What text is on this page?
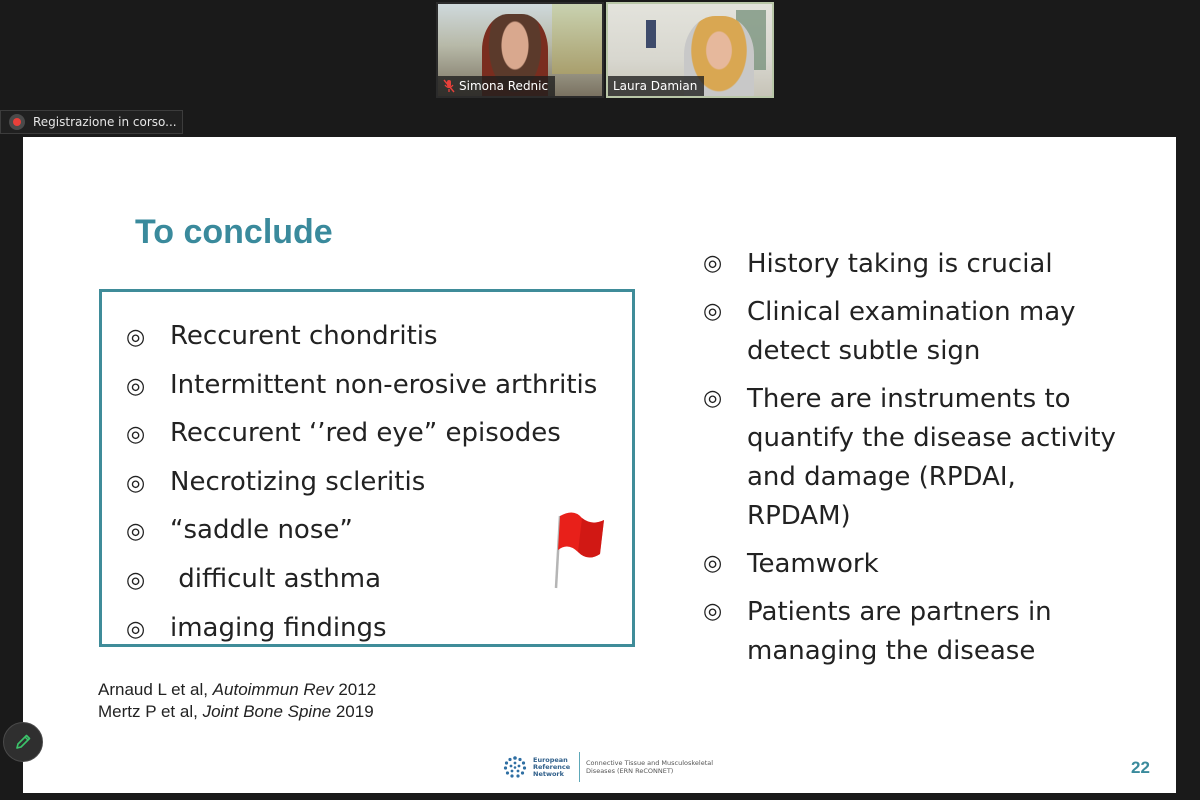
Simona Rednic	Laura Damian
Registrazione in corso...
To conclude
◎ Reccurent chondritis
◎ Intermittent non-erosive arthritis
◎ Reccurent ‘’red eye” episodes
◎ Necrotizing scleritis
◎ “saddle nose”
◎ difficult asthma
◎ imaging findings
◎ History taking is crucial
◎ Clinical examination may detect subtle sign
◎ There are instruments to quantify the disease activity and damage (RPDAI, RPDAM)
◎ Teamwork
◎ Patients are partners in managing the disease
Arnaud L et al, Autoimmun Rev 2012
Mertz P et al, Joint Bone Spine 2019
European Reference Network
Connective Tissue and Musculoskeletal Diseases (ERN ReCONNET)	22
